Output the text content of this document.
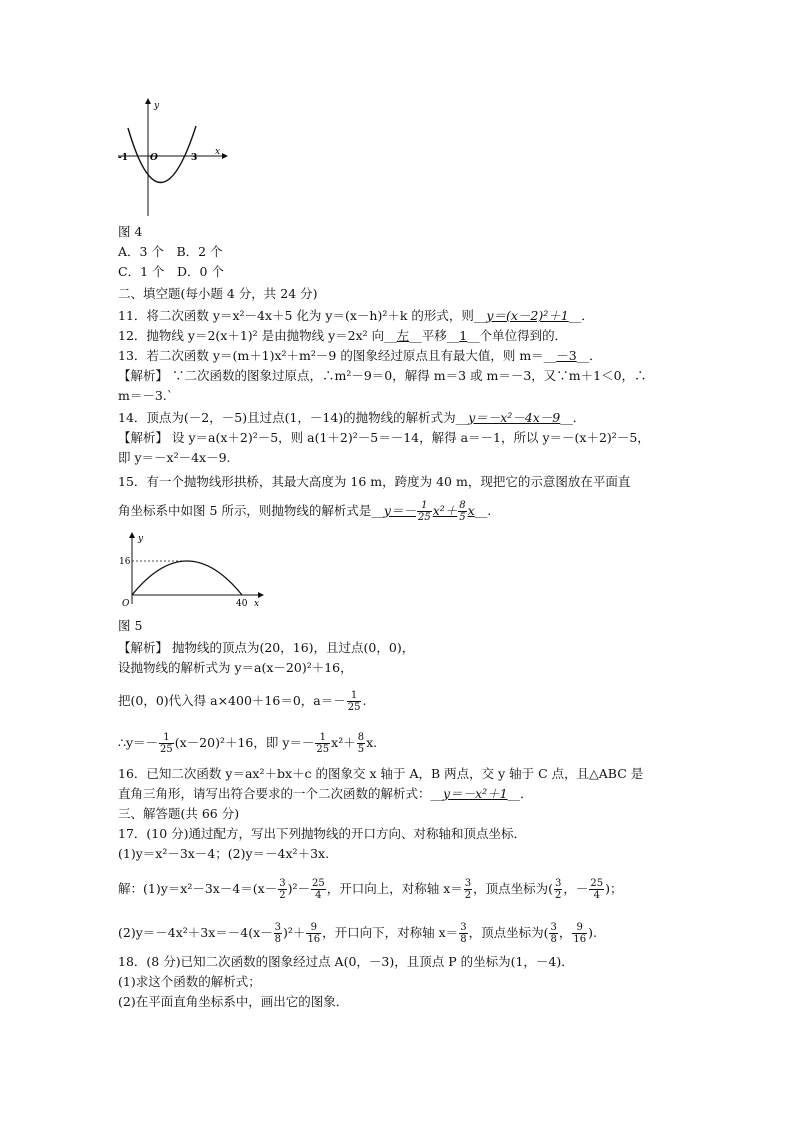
y
x
O
-1	3
图 4
A．3 个　B．2 个
C．1 个　D．0 个
二、填空题(每小题 4 分，共 24 分)
11．将二次函数 y＝x²－4x＋5 化为 y＝(x－h)²＋k 的形式，则__y＝(x－2)²＋1__．
12．抛物线 y＝2(x＋1)² 是由抛物线 y＝2x² 向__左__平移__1__个单位得到的．
13．若二次函数 y＝(m＋1)x²＋m²－9 的图象经过原点且有最大值，则 m＝__－3__．
【解析】 ∵二次函数的图象过原点，∴m²－9＝0，解得 m＝3 或 m＝－3，又∵m＋1＜0，∴
m＝－3.`
14．顶点为(－2，－5)且过点(1，－14)的抛物线的解析式为__y＝－x²－4x－9__．
【解析】 设 y＝a(x＋2)²－5，则 a(1＋2)²－5＝－14，解得 a＝－1，所以 y＝－(x＋2)²－5，
即 y＝－x²－4x－9.
15．有一个抛物线形拱桥，其最大高度为 16 m，跨度为 40 m，现把它的示意图放在平面直
角坐标系中如图 5 所示，则抛物线的解析式是__y＝－ $\frac{1}{25} x^2+ \frac{8}{5}$ x__.
y
x
O
16
40
图 5
【解析】 抛物线的顶点为(20，16)，且过点(0，0)，
设抛物线的解析式为 y＝a(x－20)²＋16，
把(0，0)代入得 a×400＋16＝0，$a=- \frac{1}{25}$ .
∴y＝－ $\frac{1}{25} (x-20)^2+16$，即 $y=- \frac{1}{25} x^2+ \frac{8}{5} x$.
16．已知二次函数 y＝ax²＋bx＋c 的图象交 x 轴于 A，B 两点，交 y 轴于 C 点，且△ABC 是
直角三角形，请写出符合要求的一个二次函数的解析式：__y＝－x²＋1__．
三、解答题(共 66 分)
17．(10 分)通过配方，写出下列抛物线的开口方向、对称轴和顶点坐标．
(1)y＝x²－3x－4；(2)y＝－4x²＋3x.
解：$(1)y=x^2-3x-4=(x- \frac{3}{2} )^2- \frac{25}{4}$ ，开口向上，对称轴 $x= \frac{3}{2}$ ，顶点坐标为( $\frac{3}{2}$ ，－ $\frac{25}{4}$ )；
$(2)y=-4x^2+3x=-4(x- \frac{3}{8} )^2+ \frac{9}{16}$ ，开口向下，对称轴 $x= \frac{3}{8}$ ，顶点坐标为( $\frac{3}{8}$ ， $\frac{9}{16}$ ).
18．(8 分)已知二次函数的图象经过点 A(0，－3)，且顶点 P 的坐标为(1，－4)．
(1)求这个函数的解析式；
(2)在平面直角坐标系中，画出它的图象．
